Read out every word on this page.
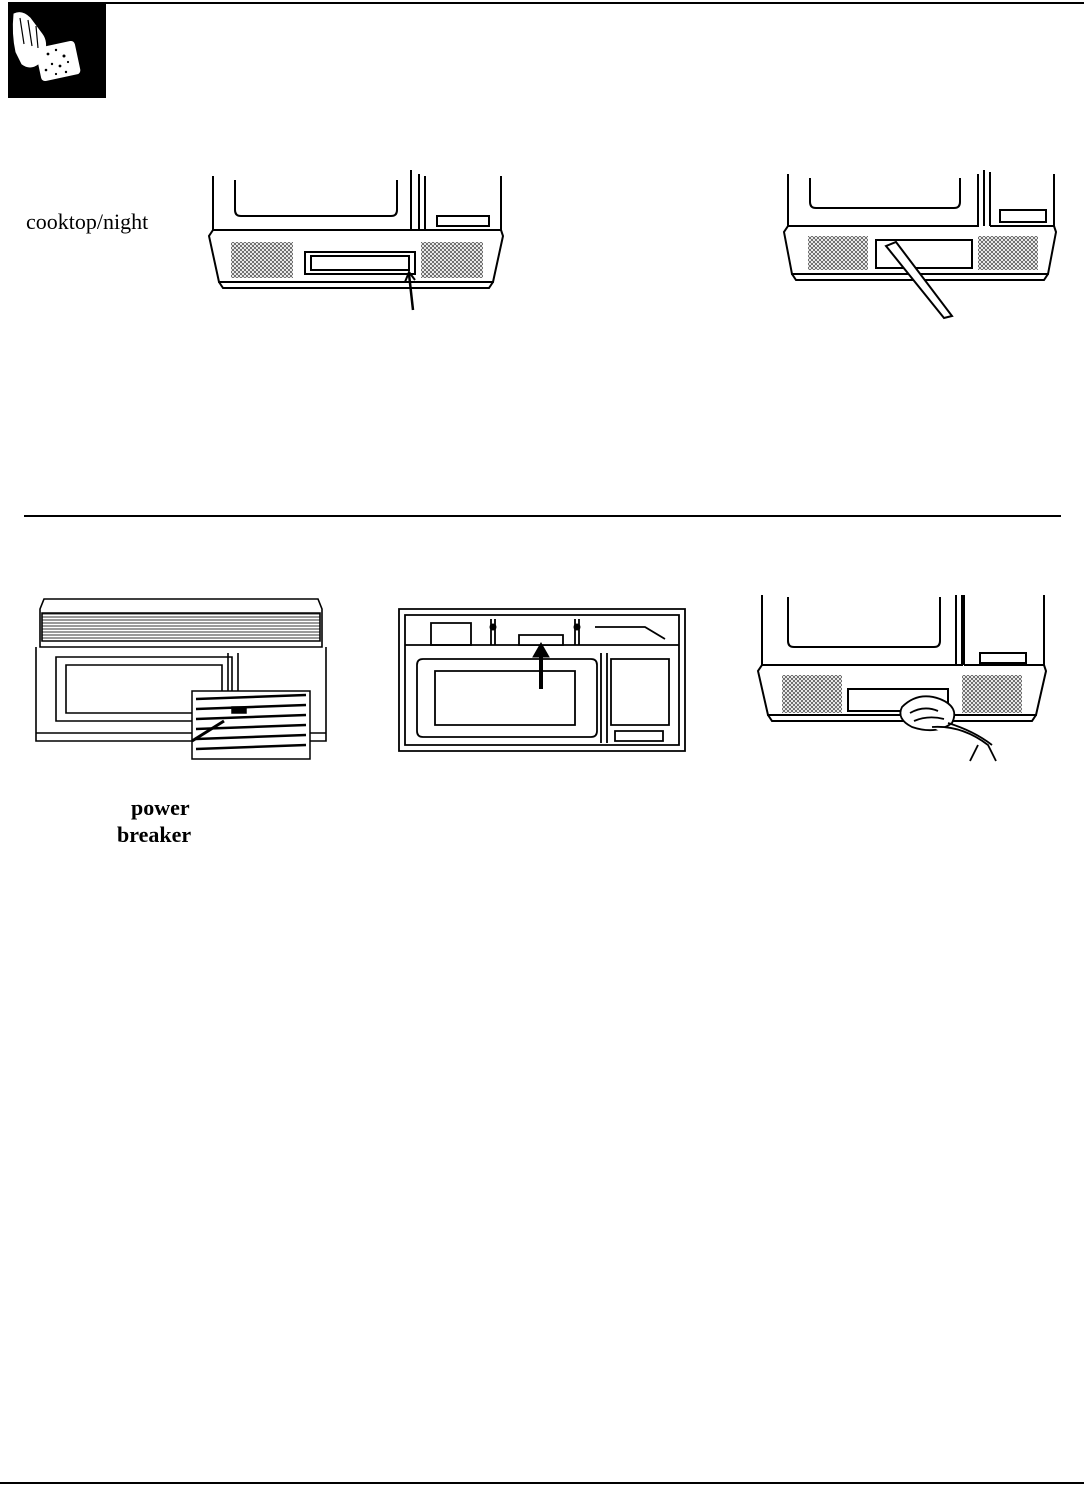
cooktop/night
power
breaker
